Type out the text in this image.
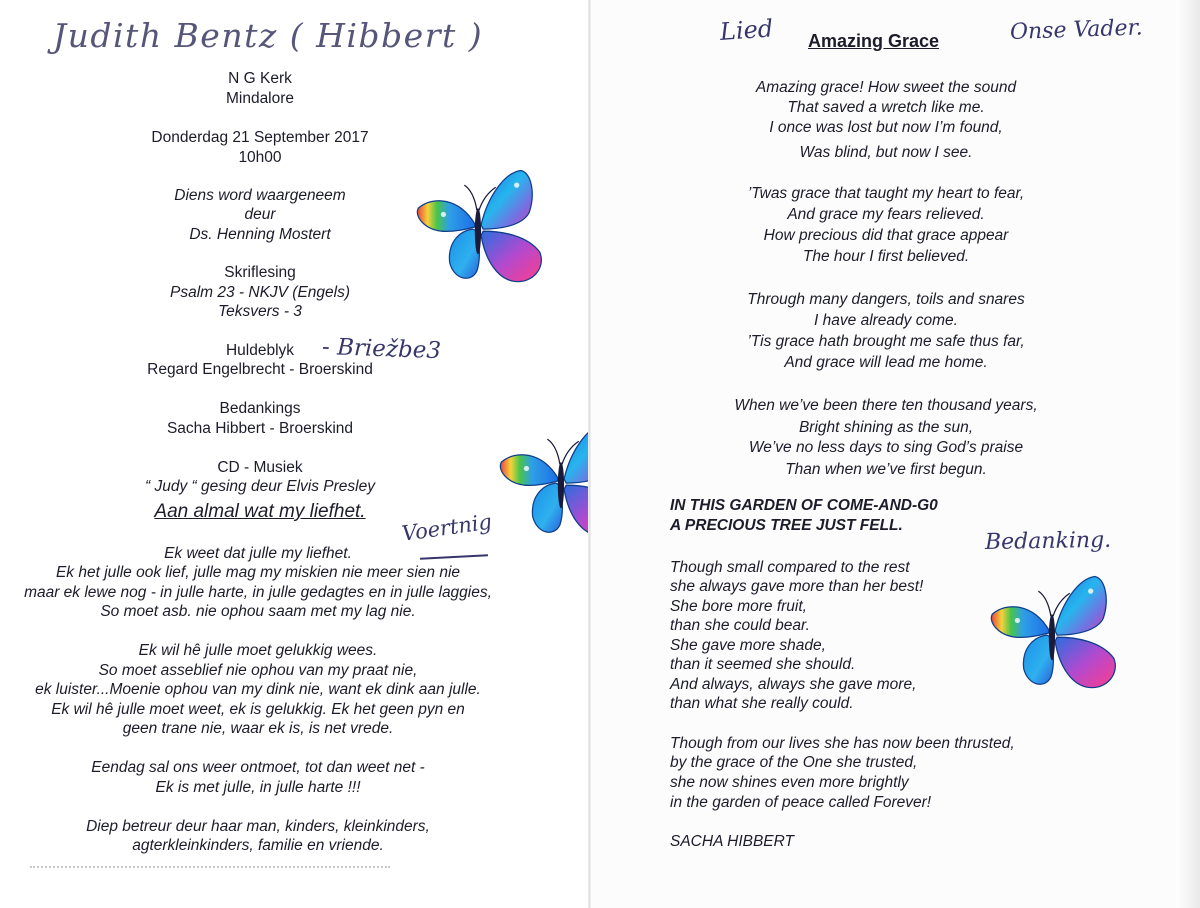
Judith Bentz ( Hibbert )
N G Kerk
Mindalore
Donderdag 21 September 2017
10h00
Diens word waargeneem
deur
Ds. Henning Mostert
Skriflesing
Psalm 23 - NKJV (Engels)
Teksvers - 3
Huldeblyk	- Briežbe3
Regard Engelbrecht - Broerskind
Bedankings
Sacha Hibbert - Broerskind
CD - Musiek
“ Judy “ gesing deur Elvis Presley
Aan almal wat my liefhet.	Voertnig
Ek weet dat julle my liefhet.
Ek het julle ook lief, julle mag my miskien nie meer sien nie
maar ek lewe nog - in julle harte, in julle gedagtes en in julle laggies,
So moet asb. nie ophou saam met my lag nie.
Ek wil hê julle moet gelukkig wees.
So moet asseblief nie ophou van my praat nie,
ek luister...Moenie ophou van my dink nie, want ek dink aan julle.
Ek wil hê julle moet weet, ek is gelukkig. Ek het geen pyn en
geen trane nie, waar ek is, is net vrede.
Eendag sal ons weer ontmoet, tot dan weet net -
Ek is met julle, in julle harte !!!
Diep betreur deur haar man, kinders, kleinkinders,
agterkleinkinders, familie en vriende.
Lied Amazing Grace	Onse Vader.
Amazing grace! How sweet the sound
That saved a wretch like me.
I once was lost but now I’m found,
Was blind, but now I see.
’Twas grace that taught my heart to fear,
And grace my fears relieved.
How precious did that grace appear
The hour I first believed.
Through many dangers, toils and snares
I have already come.
’Tis grace hath brought me safe thus far,
And grace will lead me home.
When we’ve been there ten thousand years,
Bright shining as the sun,
We’ve no less days to sing God’s praise
Than when we’ve first begun.
IN THIS GARDEN OF COME-AND-G0
A PRECIOUS TREE JUST FELL.
Bedanking.
Though small compared to the rest
she always gave more than her best!
She bore more fruit,
than she could bear.
She gave more shade,
than it seemed she should.
And always, always she gave more,
than what she really could.
Though from our lives she has now been thrusted,
by the grace of the One she trusted,
she now shines even more brightly
in the garden of peace called Forever!
SACHA HIBBERT
